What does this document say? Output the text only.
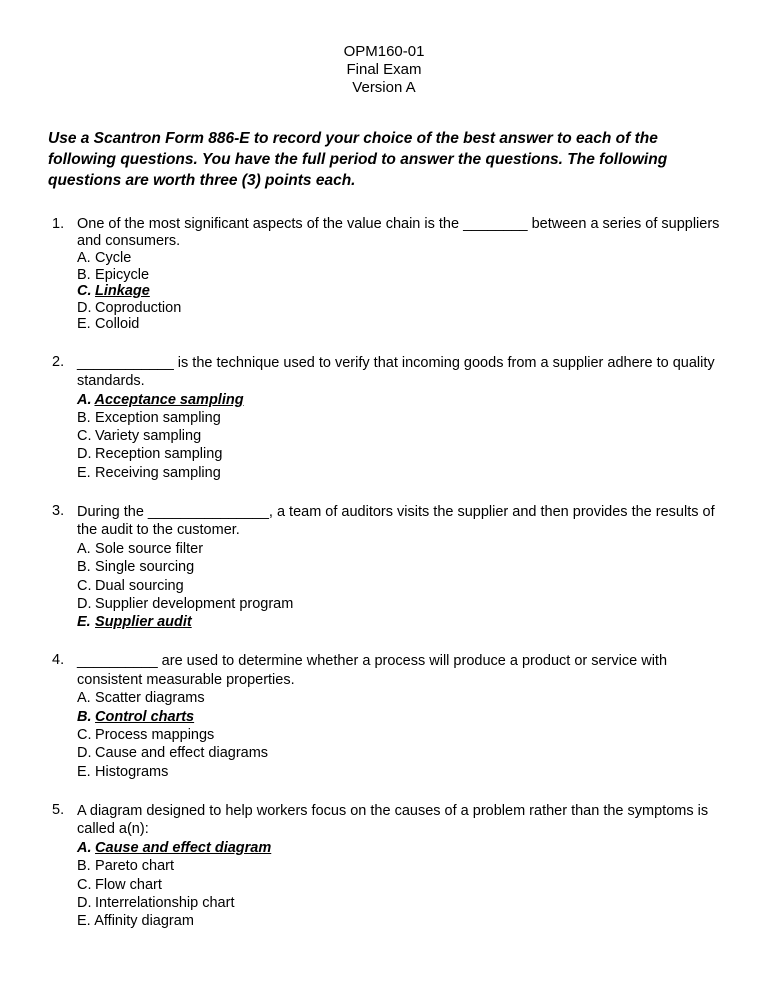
OPM160-01
Final Exam
Version A
Use a Scantron Form 886-E to record your choice of the best answer to each of the following questions. You have the full period to answer the questions. The following questions are worth three (3) points each.
1. One of the most significant aspects of the value chain is the ________ between a series of suppliers and consumers.
A. Cycle
B. Epicycle
C. Linkage
D. Coproduction
E. Colloid
2. ____________ is the technique used to verify that incoming goods from a supplier adhere to quality standards.
A. Acceptance sampling
B. Exception sampling
C. Variety sampling
D. Reception sampling
E. Receiving sampling
3. During the _______________, a team of auditors visits the supplier and then provides the results of the audit to the customer.
A. Sole source filter
B. Single sourcing
C. Dual sourcing
D. Supplier development program
E. Supplier audit
4. __________ are used to determine whether a process will produce a product or service with consistent measurable properties.
A. Scatter diagrams
B. Control charts
C. Process mappings
D. Cause and effect diagrams
E. Histograms
5. A diagram designed to help workers focus on the causes of a problem rather than the symptoms is called a(n):
A. Cause and effect diagram
B. Pareto chart
C. Flow chart
D. Interrelationship chart
E. Affinity diagram
